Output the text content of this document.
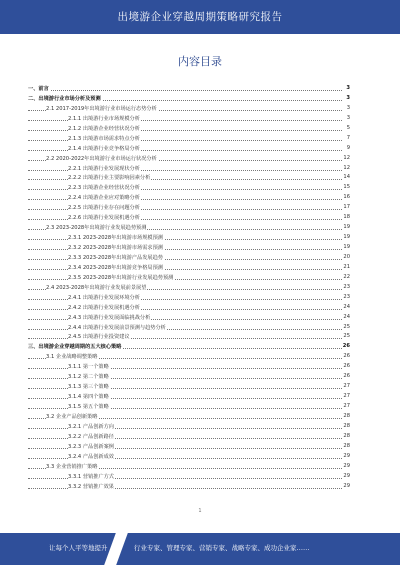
出境游企业穿越周期策略研究报告
内容目录
一、前言	3
二、出境游行业市场分析及预测	3
2.1 2017-2019年出境游行业市场运行态势分析	3
2.1.1 出境游行业市场规模分析	3
2.1.2 出境游企业经营状况分析	5
2.1.3 出境游市场需求特点分析	7
2.1.4 出境游行业竞争格局分析	9
2.2 2020-2022年出境游行业市场运行状况分析	12
2.2.1 出境游行业发展现状分析	12
2.2.2 出境游行业主要影响因素分析	14
2.2.3 出境游企业经营状况分析	15
2.2.4 出境游企业应对策略分析	16
2.2.5 出境游行业存在问题分析	17
2.2.6 出境游行业发展机遇分析	18
2.3 2023-2028年出境游行业发展趋势预测	19
2.3.1 2023-2028年出境游市场规模预测	19
2.3.2 2023-2028年出境游市场需求预测	19
2.3.3 2023-2028年出境游产品发展趋势	20
2.3.4 2023-2028年出境游竞争格局预测	21
2.3.5 2023-2028年出境游行业发展趋势预测	22
2.4 2023-2028年出境游行业发展前景展望	23
2.4.1 出境游行业发展环境分析	23
2.4.2 出境游行业发展机遇分析	24
2.4.3 出境游行业发展面临挑战分析	24
2.4.4 出境游行业发展前景预测与趋势分析	25
2.4.5 出境游行业投资建议	25
三、出境游企业穿越周期的五大核心策略	26
3.1 企业战略调整策略	26
3.1.1 第一个策略	26
3.1.2 第二个策略	26
3.1.3 第三个策略	27
3.1.4 第四个策略	27
3.1.5 第五个策略	27
3.2 企业产品创新策略	28
3.2.1 产品创新方向	28
3.2.2 产品创新路径	28
3.2.3 产品创新案例	28
3.2.4 产品创新成效	29
3.3 企业营销推广策略	29
3.3.1 营销推广方式	29
3.3.2 营销推广效果	29
1
让每个人平等地提升	行业专家、管理专家、营销专家、战略专家、成功企业家……
